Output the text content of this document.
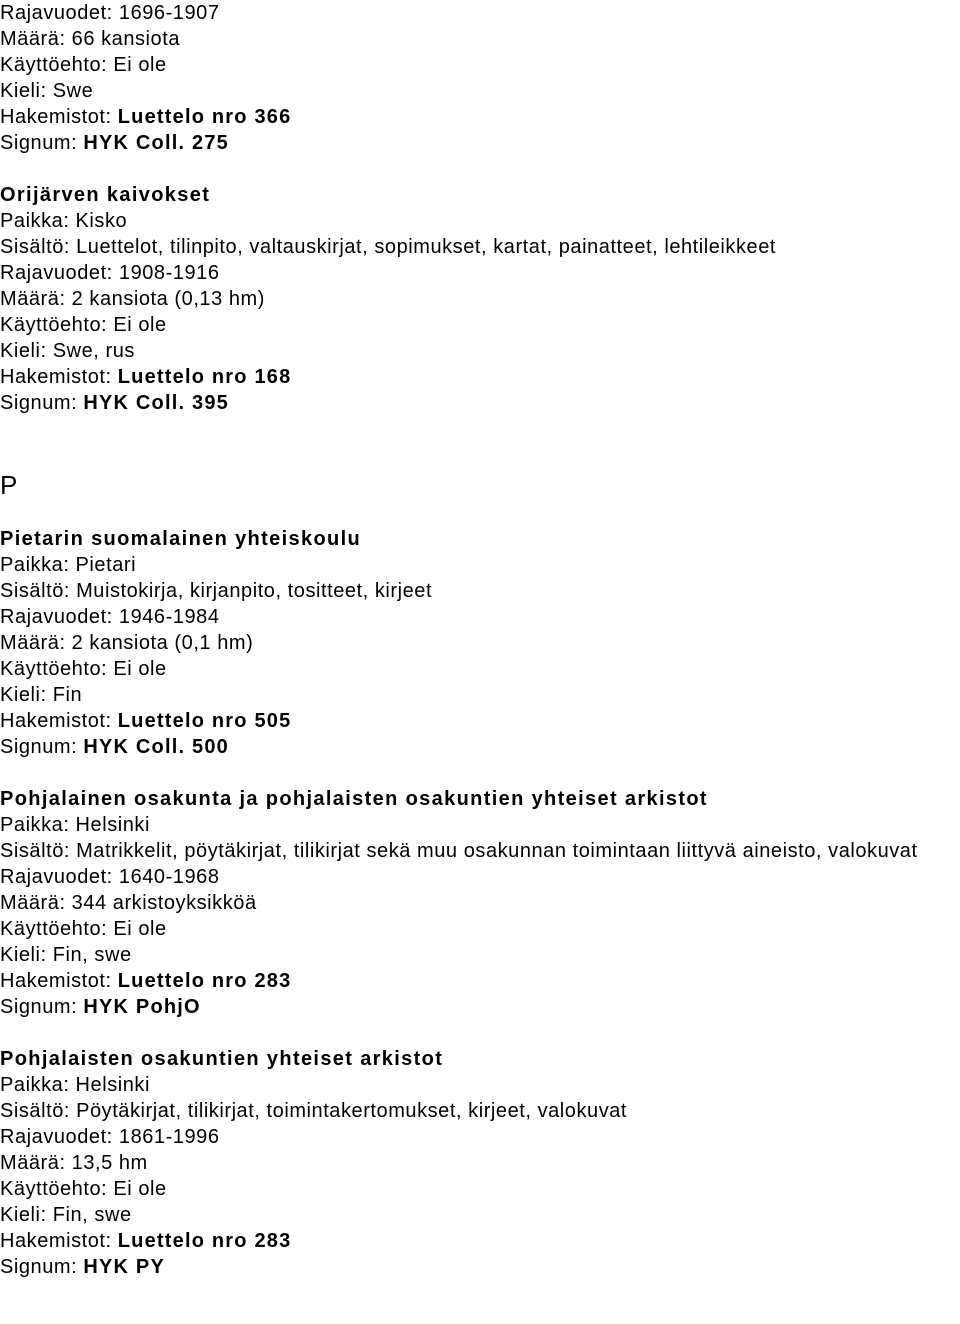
Rajavuodet: 1696-1907
Määrä: 66 kansiota
Käyttöehto: Ei ole
Kieli: Swe
Hakemistot: Luettelo nro 366
Signum: HYK Coll. 275
Orijärven kaivokset
Paikka: Kisko
Sisältö: Luettelot, tilinpito, valtauskirjat, sopimukset, kartat, painatteet, lehtileikkeet
Rajavuodet: 1908-1916
Määrä: 2 kansiota (0,13 hm)
Käyttöehto: Ei ole
Kieli: Swe, rus
Hakemistot: Luettelo nro 168
Signum: HYK Coll. 395
P
Pietarin suomalainen yhteiskoulu
Paikka: Pietari
Sisältö: Muistokirja, kirjanpito, tositteet, kirjeet
Rajavuodet: 1946-1984
Määrä: 2 kansiota (0,1 hm)
Käyttöehto: Ei ole
Kieli: Fin
Hakemistot: Luettelo nro 505
Signum: HYK Coll. 500
Pohjalainen osakunta ja pohjalaisten osakuntien yhteiset arkistot
Paikka: Helsinki
Sisältö: Matrikkelit, pöytäkirjat, tilikirjat sekä muu osakunnan toimintaan liittyvä aineisto, valokuvat
Rajavuodet: 1640-1968
Määrä: 344 arkistoyksikköä
Käyttöehto: Ei ole
Kieli: Fin, swe
Hakemistot: Luettelo nro 283
Signum: HYK PohjO
Pohjalaisten osakuntien yhteiset arkistot
Paikka: Helsinki
Sisältö: Pöytäkirjat, tilikirjat, toimintakertomukset, kirjeet, valokuvat
Rajavuodet: 1861-1996
Määrä: 13,5 hm
Käyttöehto: Ei ole
Kieli: Fin, swe
Hakemistot: Luettelo nro 283
Signum: HYK PY
